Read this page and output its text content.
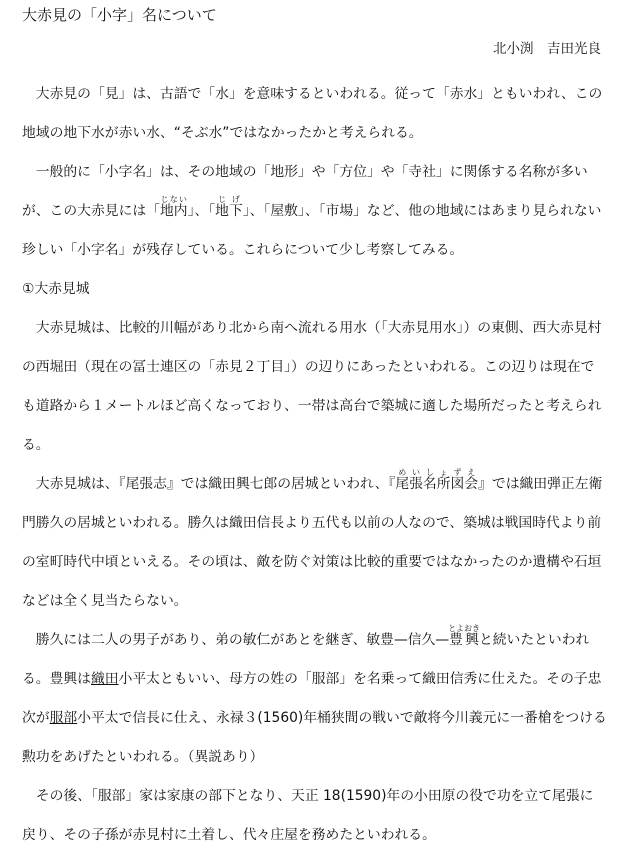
大赤見の「小字」名について
北小渕　吉田光良

大赤見の「見」は、古語で「水」を意味するといわれる。従って「赤水」ともいわれ、この地域の地下水が赤い水、“そぶ水”ではなかったかと考えられる。

一般的に「小字名」は、その地域の「地形」や「方位」や「寺社」に関係する名称が多いが、この大赤見には「地内じない」、「地下じげ」、「屋敷」、「市場」など、他の地域にはあまり見られない珍しい「小字名」が残存している。これらについて少し考察してみる。

①大赤見城

大赤見城は、比較的川幅があり北から南へ流れる用水（「大赤見用水」）の東側、西大赤見村の西堀田（現在の冨士連区の「赤見２丁目」）の辺りにあったといわれる。この辺りは現在でも道路から１メートルほど高くなっており、一帯は高台で築城に適した場所だったと考えられる。

大赤見城は、『尾張志』では織田興七郎の居城といわれ、『尾張名所図会めいしょずえ』では織田弾正左衛門勝久の居城といわれる。勝久は織田信長より五代も以前の人なので、築城は戦国時代より前の室町時代中頃といえる。その頃は、敵を防ぐ対策は比較的重要ではなかったのか遺構や石垣などは全く見当たらない。

勝久には二人の男子があり、弟の敏仁があとを継ぎ、敏豊—信久—豊興とよおきと続いたといわれる。豊興は織田小平太ともいい、母方の姓の「服部」を名乗って織田信秀に仕えた。その子忠次が服部小平太で信長に仕え、永禄３(1560)年桶狭間の戦いで敵将今川義元に一番槍をつける勲功をあげたといわれる。（異説あり）

その後、「服部」家は家康の部下となり、天正 18(1590)年の小田原の役で功を立て尾張に戻り、その子孫が赤見村に土着し、代々庄屋を務めたといわれる。
